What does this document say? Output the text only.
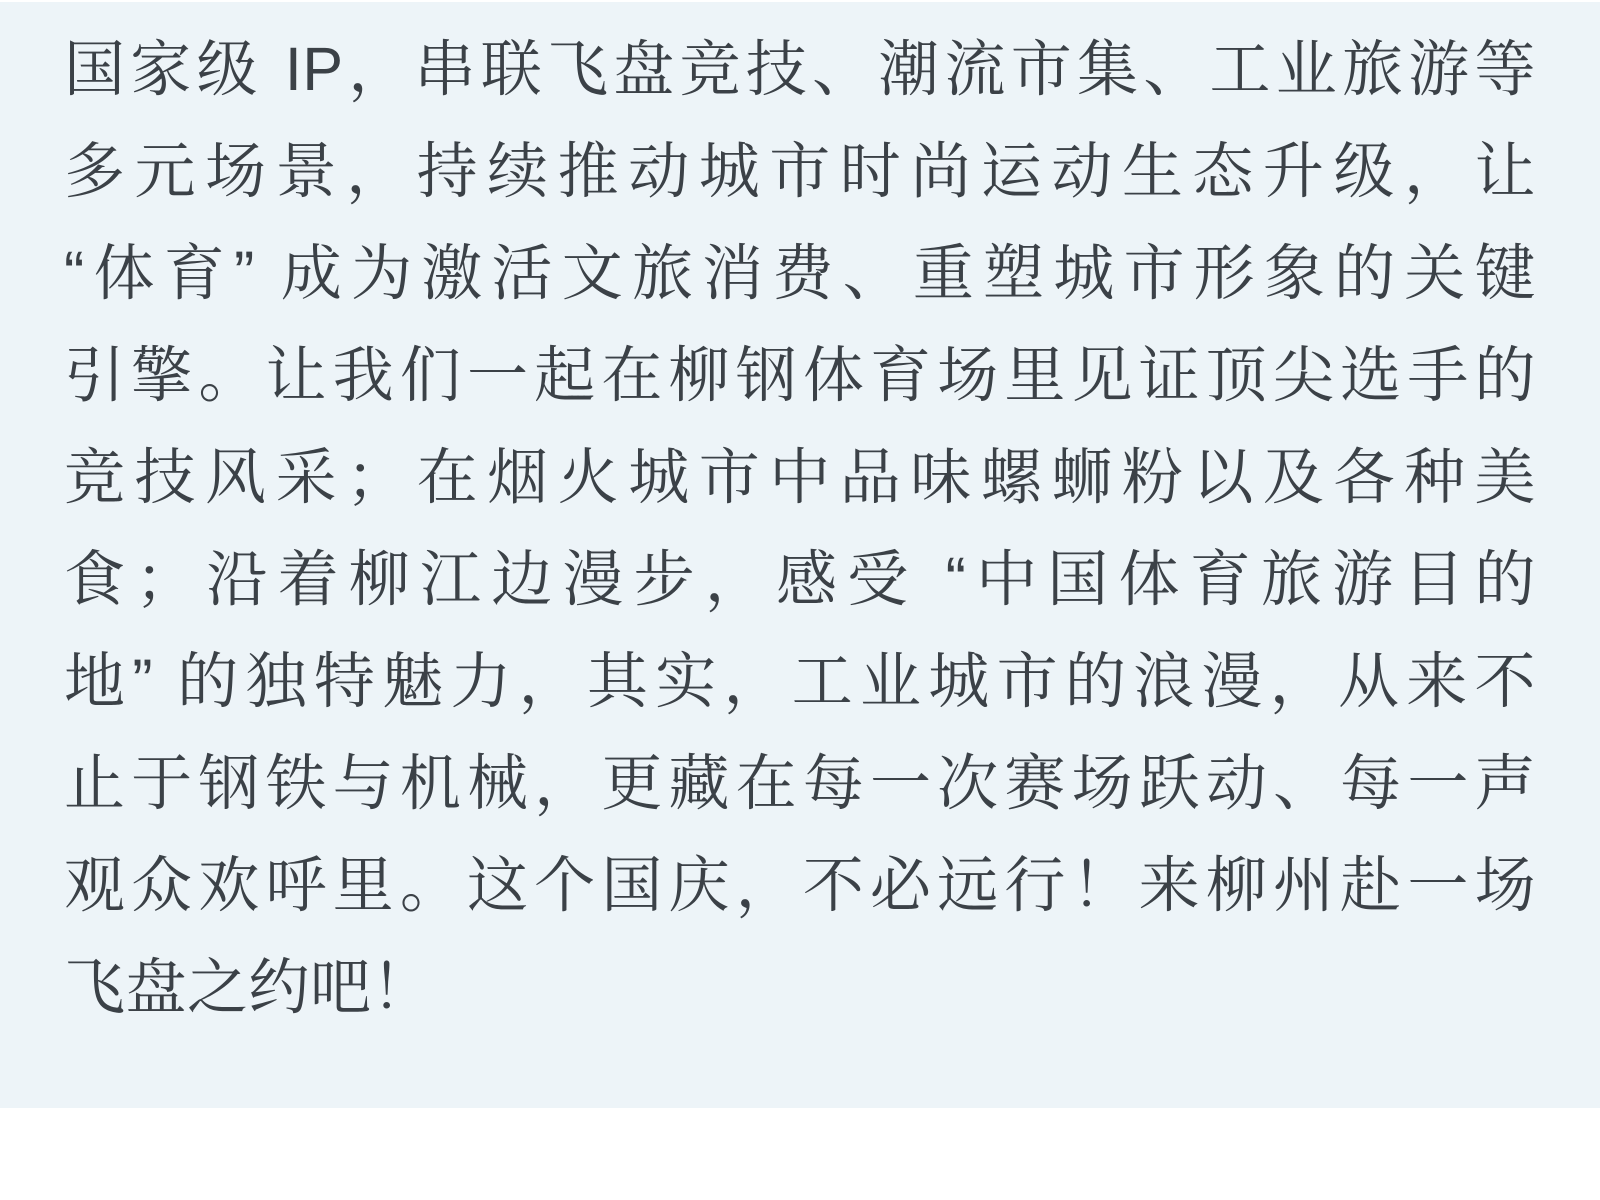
国家级 IP，串联飞盘竞技、潮流市集、工业旅游等
多元场景，持续推动城市时尚运动生态升级，让
“体育” 成为激活文旅消费、重塑城市形象的关键
引擎。让我们一起在柳钢体育场里见证顶尖选手的
竞技风采；在烟火城市中品味螺蛳粉以及各种美
食；沿着柳江边漫步，感受 “中国体育旅游目的
地” 的独特魅力，其实，工业城市的浪漫，从来不
止于钢铁与机械，更藏在每一次赛场跃动、每一声
观众欢呼里。这个国庆，不必远行！来柳州赴一场
飞盘之约吧！
